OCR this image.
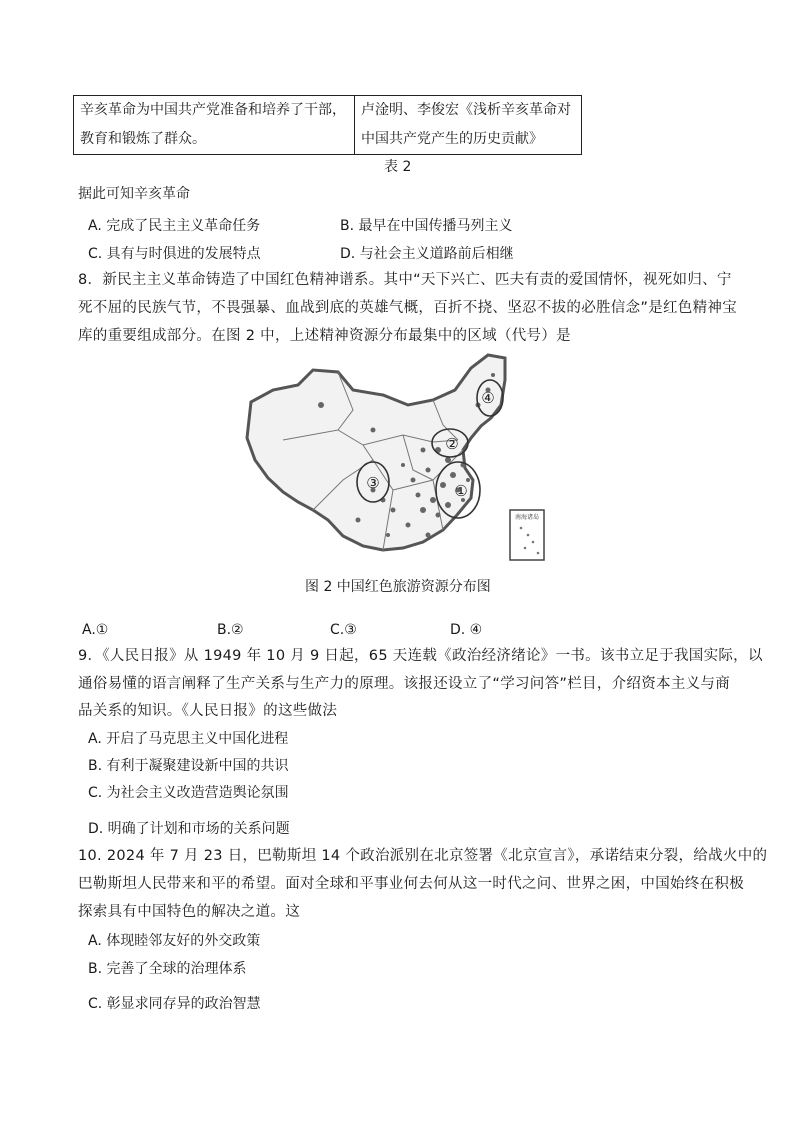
辛亥革命为中国共产党准备和培养了干部，
教育和锻炼了群众。

卢淦明、李俊宏《浅析辛亥革命对
中国共产党产生的历史贡献》
表 2
据此可知辛亥革命
A. 完成了民主主义革命任务	B. 最早在中国传播马列主义
C. 具有与时俱进的发展特点	D. 与社会主义道路前后相继
8．新民主主义革命铸造了中国红色精神谱系。其中“天下兴亡、匹夫有责的爱国情怀，视死如归、宁
死不屈的民族气节，不畏强暴、血战到底的英雄气概，百折不挠、坚忍不拔的必胜信念”是红色精神宝
库的重要组成部分。在图 2 中，上述精神资源分布最集中的区域（代号）是
①
②
③
④
南海诸岛
图 2 中国红色旅游资源分布图
A.①	B.②	C.③	D. ④
9．《人民日报》从 1949 年 10 月 9 日起，65 天连载《政治经济绪论》一书。该书立足于我国实际，以
通俗易懂的语言阐释了生产关系与生产力的原理。该报还设立了“学习问答”栏目，介绍资本主义与商
品关系的知识。《人民日报》的这些做法
A. 开启了马克思主义中国化进程
B. 有利于凝聚建设新中国的共识
C. 为社会主义改造营造舆论氛围
D. 明确了计划和市场的关系问题
10. 2024 年 7 月 23 日，巴勒斯坦 14 个政治派别在北京签署《北京宣言》，承诺结束分裂，给战火中的
巴勒斯坦人民带来和平的希望。面对全球和平事业何去何从这一时代之问、世界之困，中国始终在积极
探索具有中国特色的解决之道。这
A. 体现睦邻友好的外交政策
B. 完善了全球的治理体系
C. 彰显求同存异的政治智慧
